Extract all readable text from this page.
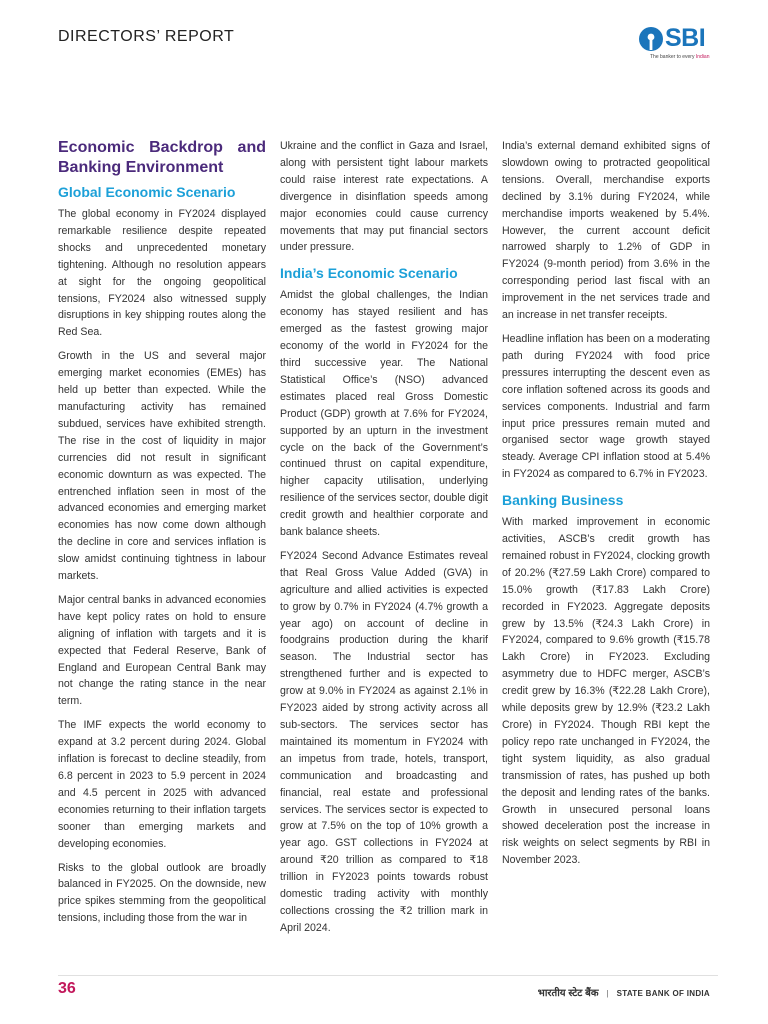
DIRECTORS’ REPORT	SBI
The banker to every Indian
Economic Backdrop and Banking Environment
Global Economic Scenario

The global economy in FY2024 displayed remarkable resilience despite repeated shocks and unprecedented monetary tightening. Although no resolution appears at sight for the ongoing geopolitical tensions, FY2024 also witnessed supply disruptions in key shipping routes along the Red Sea.

Growth in the US and several major emerging market economies (EMEs) has held up better than expected. While the manufacturing activity has remained subdued, services have exhibited strength. The rise in the cost of liquidity in major currencies did not result in significant economic downturn as was expected. The entrenched inflation seen in most of the advanced economies and emerging market economies has now come down although the decline in core and services inflation is slow amidst continuing tightness in labour markets.

Major central banks in advanced economies have kept policy rates on hold to ensure aligning of inflation with targets and it is expected that Federal Reserve, Bank of England and European Central Bank may not change the rating stance in the near term.

The IMF expects the world economy to expand at 3.2 percent during 2024. Global inflation is forecast to decline steadily, from 6.8 percent in 2023 to 5.9 percent in 2024 and 4.5 percent in 2025 with advanced economies returning to their inflation targets sooner than emerging markets and developing economies.

Risks to the global outlook are broadly balanced in FY2025. On the downside, new price spikes stemming from the geopolitical tensions, including those from the war in

Ukraine and the conflict in Gaza and Israel, along with persistent tight labour markets could raise interest rate expectations. A divergence in disinflation speeds among major economies could cause currency movements that may put financial sectors under pressure.

India’s Economic Scenario

Amidst the global challenges, the Indian economy has stayed resilient and has emerged as the fastest growing major economy of the world in FY2024 for the third successive year. The National Statistical Office’s (NSO) advanced estimates placed real Gross Domestic Product (GDP) growth at 7.6% for FY2024, supported by an upturn in the investment cycle on the back of the Government’s continued thrust on capital expenditure, higher capacity utilisation, underlying resilience of the services sector, double digit credit growth and healthier corporate and bank balance sheets.

FY2024 Second Advance Estimates reveal that Real Gross Value Added (GVA) in agriculture and allied activities is expected to grow by 0.7% in FY2024 (4.7% growth a year ago) on account of decline in foodgrains production during the kharif season. The Industrial sector has strengthened further and is expected to grow at 9.0% in FY2024 as against 2.1% in FY2023 aided by strong activity across all sub-sectors. The services sector has maintained its momentum in FY2024 with an impetus from trade, hotels, transport, communication and broadcasting and financial, real estate and professional services. The services sector is expected to grow at 7.5% on the top of 10% growth a year ago. GST collections in FY2024 at around ₹20 trillion as compared to ₹18 trillion in FY2023 points towards robust domestic trading activity with monthly collections crossing the ₹2 trillion mark in April 2024.

India’s external demand exhibited signs of slowdown owing to protracted geopolitical tensions. Overall, merchandise exports declined by 3.1% during FY2024, while merchandise imports weakened by 5.4%. However, the current account deficit narrowed sharply to 1.2% of GDP in FY2024 (9-month period) from 3.6% in the corresponding period last fiscal with an improvement in the net services trade and an increase in net transfer receipts.

Headline inflation has been on a moderating path during FY2024 with food price pressures interrupting the descent even as core inflation softened across its goods and services components. Industrial and farm input price pressures remain muted and organised sector wage growth stayed steady. Average CPI inflation stood at 5.4% in FY2024 as compared to 6.7% in FY2023.

Banking Business

With marked improvement in economic activities, ASCB’s credit growth has remained robust in FY2024, clocking growth of 20.2% (₹27.59 Lakh Crore) compared to 15.0% growth (₹17.83 Lakh Crore) recorded in FY2023. Aggregate deposits grew by 13.5% (₹24.3 Lakh Crore) in FY2024, compared to 9.6% growth (₹15.78 Lakh Crore) in FY2023. Excluding asymmetry due to HDFC merger, ASCB’s credit grew by 16.3% (₹22.28 Lakh Crore), while deposits grew by 12.9% (₹23.2 Lakh Crore) in FY2024. Though RBI kept the policy repo rate unchanged in FY2024, the tight system liquidity, as also gradual transmission of rates, has pushed up both the deposit and lending rates of the banks. Growth in unsecured personal loans showed deceleration post the increase in risk weights on select segments by RBI in November 2023.

36	भारतीय स्टेट बैंक | STATE BANK OF INDIA
